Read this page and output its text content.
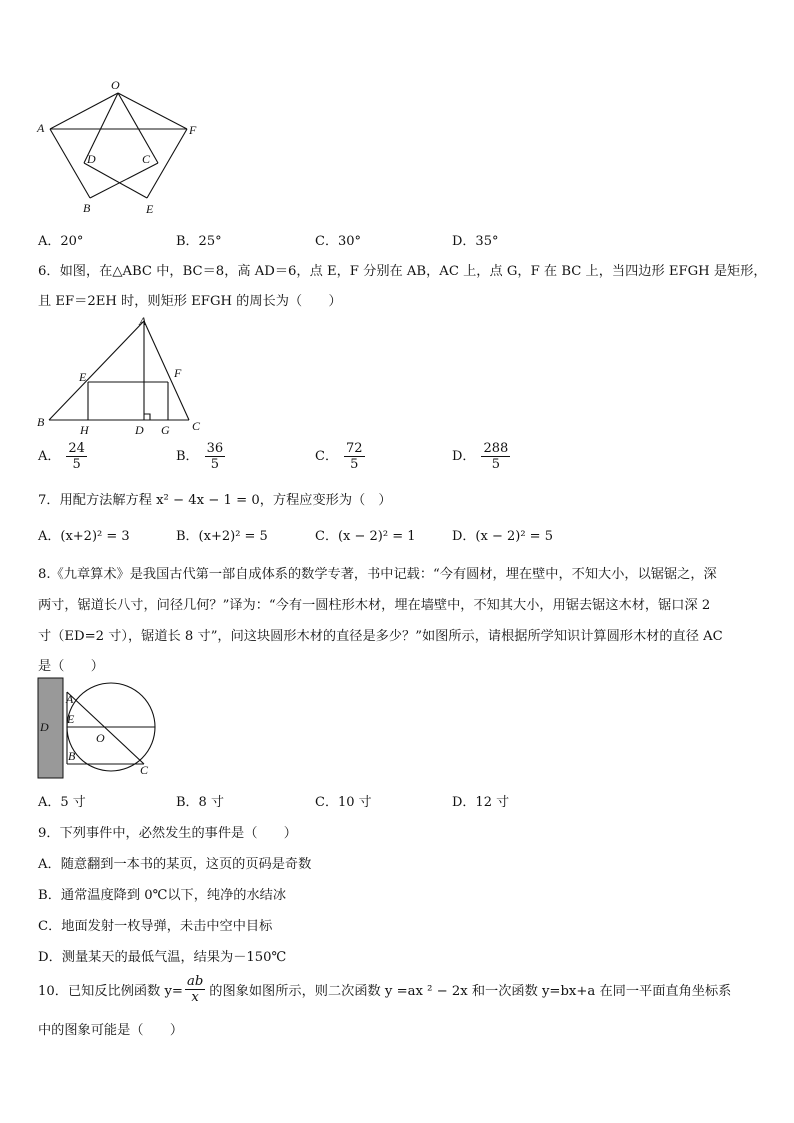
O
A	F
D	C
B	E
A．20°	B．25°	C．30°	D．35°
6．如图，在△ABC 中，BC＝8，高 AD＝6，点 E，F 分别在 AB，AC 上，点 G，F 在 BC 上，当四边形 EFGH 是矩形，
且 EF＝2EH 时，则矩形 EFGH 的周长为（　　）
A
E	F
B
H	D G C
A． $\frac{24}{5}$	B． $\frac{36}{5}$	C． $\frac{72}{5}$	D． $\frac{288}{5}$
7．用配方法解方程 x² − 4x − 1 = 0，方程应变形为（　）
A．(x+2)² = 3	B．(x+2)² = 5	C．(x − 2)² = 1	D．(x − 2)² = 5
8.《九章算术》是我国古代第一部自成体系的数学专著，书中记载：“今有圆材，埋在壁中，不知大小，以锯锯之，深
两寸，锯道长八寸，问径几何？”译为：“今有一圆柱形木材，埋在墙壁中，不知其大小，用锯去锯这木材，锯口深 2
寸（ED=2 寸），锯道长 8 寸”，问这块圆形木材的直径是多少？”如图所示，请根据所学知识计算圆形木材的直径 AC
是（　　）
A
D
E
O
B
C
A．5 寸	B．8 寸	C．10 寸	D．12 寸
9．下列事件中，必然发生的事件是（　　）
A．随意翻到一本书的某页，这页的页码是奇数
B．通常温度降到 0℃以下，纯净的水结冰
C．地面发射一枚导弹，未击中空中目标
D．测量某天的最低气温，结果为－150℃
10．已知反比例函数 $y= \frac{ab}{x}$ 的图象如图所示，则二次函数 y =ax ² − 2x 和一次函数 y=bx+a 在同一平面直角坐标系
中的图象可能是（　　）
